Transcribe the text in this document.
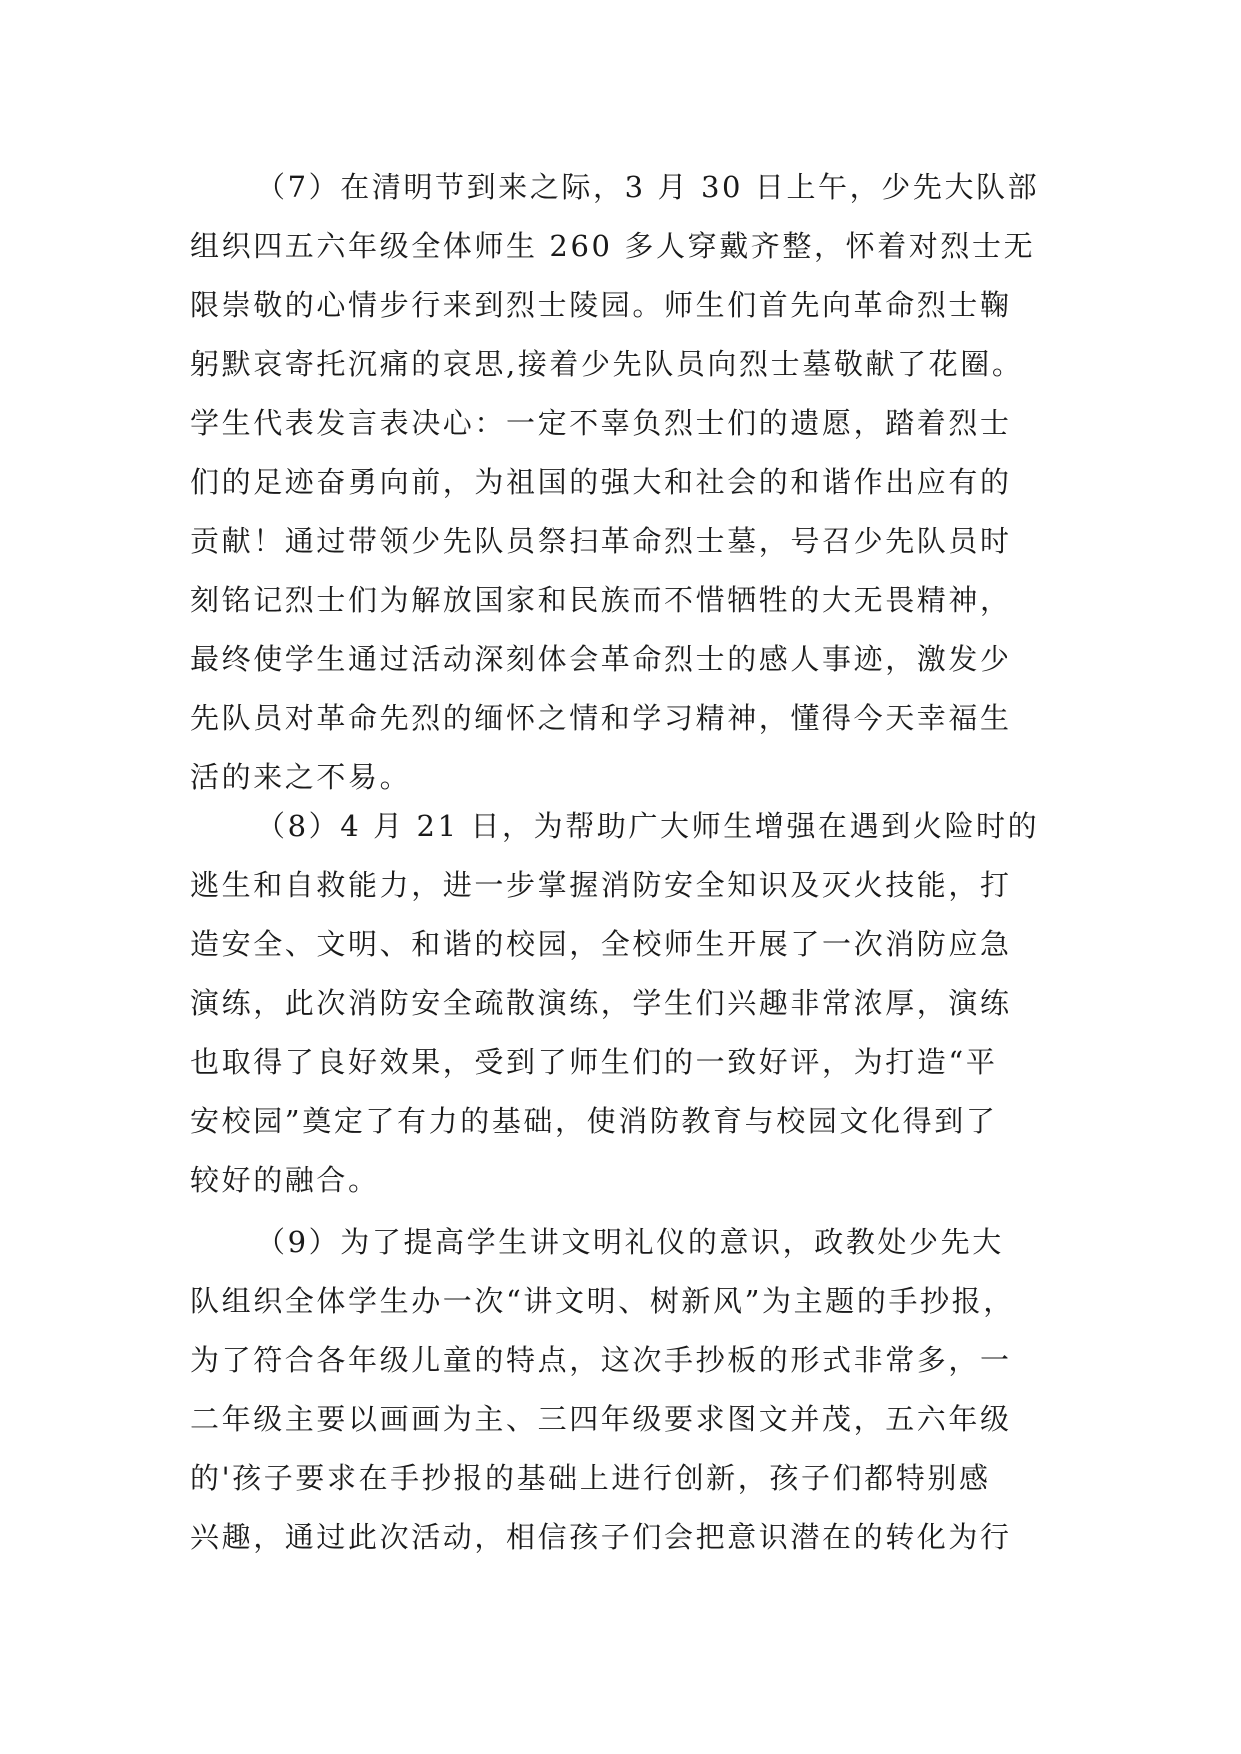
（7）在清明节到来之际，3 月 30 日上午，少先大队部
组织四五六年级全体师生 260 多人穿戴齐整，怀着对烈士无
限崇敬的心情步行来到烈士陵园。师生们首先向革命烈士鞠
躬默哀寄托沉痛的哀思,接着少先队员向烈士墓敬献了花圈。
学生代表发言表决心：一定不辜负烈士们的遗愿，踏着烈士
们的足迹奋勇向前，为祖国的强大和社会的和谐作出应有的
贡献！通过带领少先队员祭扫革命烈士墓，号召少先队员时
刻铭记烈士们为解放国家和民族而不惜牺牲的大无畏精神，
最终使学生通过活动深刻体会革命烈士的感人事迹，激发少
先队员对革命先烈的缅怀之情和学习精神，懂得今天幸福生
活的来之不易。
（8）4 月 21 日，为帮助广大师生增强在遇到火险时的
逃生和自救能力，进一步掌握消防安全知识及灭火技能，打
造安全、文明、和谐的校园，全校师生开展了一次消防应急
演练，此次消防安全疏散演练，学生们兴趣非常浓厚，演练
也取得了良好效果，受到了师生们的一致好评，为打造“平
安校园”奠定了有力的基础，使消防教育与校园文化得到了
较好的融合。
（9）为了提高学生讲文明礼仪的意识，政教处少先大
队组织全体学生办一次“讲文明、树新风”为主题的手抄报，
为了符合各年级儿童的特点，这次手抄板的形式非常多，一
二年级主要以画画为主、三四年级要求图文并茂，五六年级
的'孩子要求在手抄报的基础上进行创新，孩子们都特别感
兴趣，通过此次活动，相信孩子们会把意识潜在的转化为行
